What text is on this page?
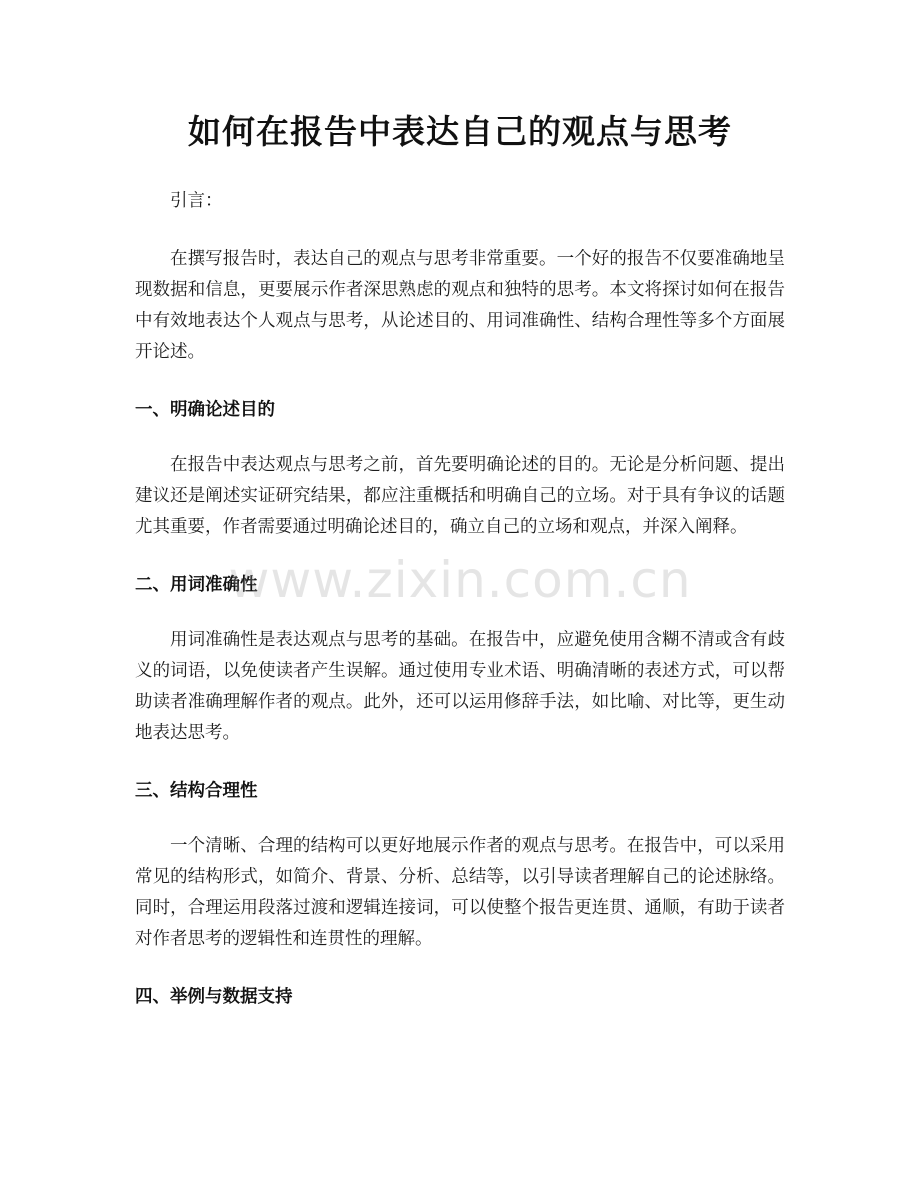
如何在报告中表达自己的观点与思考

引言：

在撰写报告时，表达自己的观点与思考非常重要。一个好的报告不仅要准确地呈现数据和信息，更要展示作者深思熟虑的观点和独特的思考。本文将探讨如何在报告中有效地表达个人观点与思考，从论述目的、用词准确性、结构合理性等多个方面展开论述。

一、明确论述目的

在报告中表达观点与思考之前，首先要明确论述的目的。无论是分析问题、提出建议还是阐述实证研究结果，都应注重概括和明确自己的立场。对于具有争议的话题尤其重要，作者需要通过明确论述目的，确立自己的立场和观点，并深入阐释。

二、用词准确性

用词准确性是表达观点与思考的基础。在报告中，应避免使用含糊不清或含有歧义的词语，以免使读者产生误解。通过使用专业术语、明确清晰的表述方式，可以帮助读者准确理解作者的观点。此外，还可以运用修辞手法，如比喻、对比等，更生动地表达思考。

三、结构合理性

一个清晰、合理的结构可以更好地展示作者的观点与思考。在报告中，可以采用常见的结构形式，如简介、背景、分析、总结等，以引导读者理解自己的论述脉络。同时，合理运用段落过渡和逻辑连接词，可以使整个报告更连贯、通顺，有助于读者对作者思考的逻辑性和连贯性的理解。

四、举例与数据支持
www.zixin.com.cn
